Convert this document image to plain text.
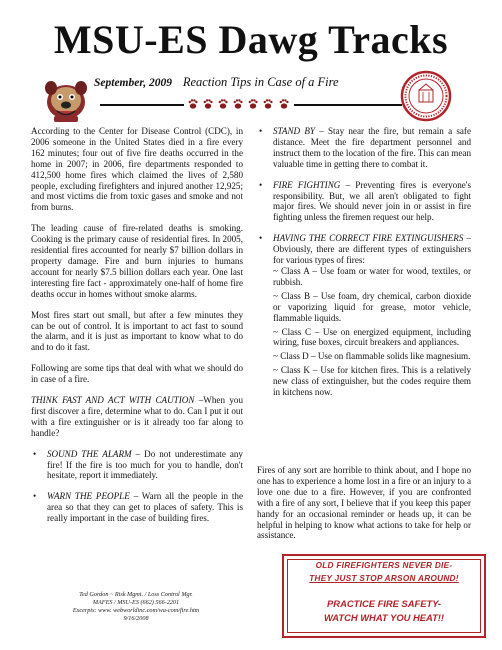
MSU-ES Dawg Tracks
September, 2009 Reaction Tips in Case of a Fire

According to the Center for Disease Control (CDC), in 2006 someone in the United States died in a fire every 162 minutes; four out of five fire deaths occurred in the home in 2007; in 2006, fire departments responded to 412,500 home fires which claimed the lives of 2,580 people, excluding firefighters and injured another 12,925; and most victims die from toxic gases and smoke and not from burns.

The leading cause of fire-related deaths is smoking. Cooking is the primary cause of residential fires. In 2005, residential fires accounted for nearly $7 billion dollars in property damage. Fire and burn injuries to humans account for nearly $7.5 billion dollars each year. One last interesting fire fact - approximately one-half of home fire deaths occur in homes without smoke alarms.

Most fires start out small, but after a few minutes they can be out of control. It is important to act fast to sound the alarm, and it is just as important to know what to do and to do it fast.

Following are some tips that deal with what we should do in case of a fire.

THINK FAST AND ACT WITH CAUTION –When you first discover a fire, determine what to do. Can I put it out with a fire extinguisher or is it already too far along to handle?

• SOUND THE ALARM – Do not underestimate any fire! If the fire is too much for you to handle, don't hesitate, report it immediately.
• WARN THE PEOPLE – Warn all the people in the area so that they can get to places of safety. This is really important in the case of building fires.
Ted Gordon ~ Risk Mgmt. / Loss Control Mgr.
MAFES / MSU-ES (662) 566-2201
Excerpts: www. webworldinc.com/wa-com/fire.htm
9/16/2008
• STAND BY – Stay near the fire, but remain a safe distance. Meet the fire department personnel and instruct them to the location of the fire. This can mean valuable time in getting there to combat it.
• FIRE FIGHTING – Preventing fires is everyone's responsibility. But, we all aren't obligated to fight major fires. We should never join in or assist in fire fighting unless the firemen request our help.
• HAVING THE CORRECT FIRE EXTINGUISHERS – Obviously, there are different types of extinguishers for various types of fires:
~ Class A – Use foam or water for wood, textiles, or rubbish.
~ Class B – Use foam, dry chemical, carbon dioxide or vaporizing liquid for grease, motor vehicle, flammable liquids.
~ Class C – Use on energized equipment, including wiring, fuse boxes, circuit breakers and appliances.
~ Class D – Use on flammable solids like magnesium.
~ Class K – Use for kitchen fires. This is a relatively new class of extinguisher, but the codes require them in kitchens now.
Fires of any sort are horrible to think about, and I hope no one has to experience a home lost in a fire or an injury to a love one due to a fire. However, if you are confronted with a fire of any sort, I believe that if you keep this paper handy for an occasional reminder or heads up, it can be helpful in helping to know what actions to take for help or assistance.
OLD FIREFIGHTERS NEVER DIE-
THEY JUST STOP ARSON AROUND!
PRACTICE FIRE SAFETY-
WATCH WHAT YOU HEAT!!
